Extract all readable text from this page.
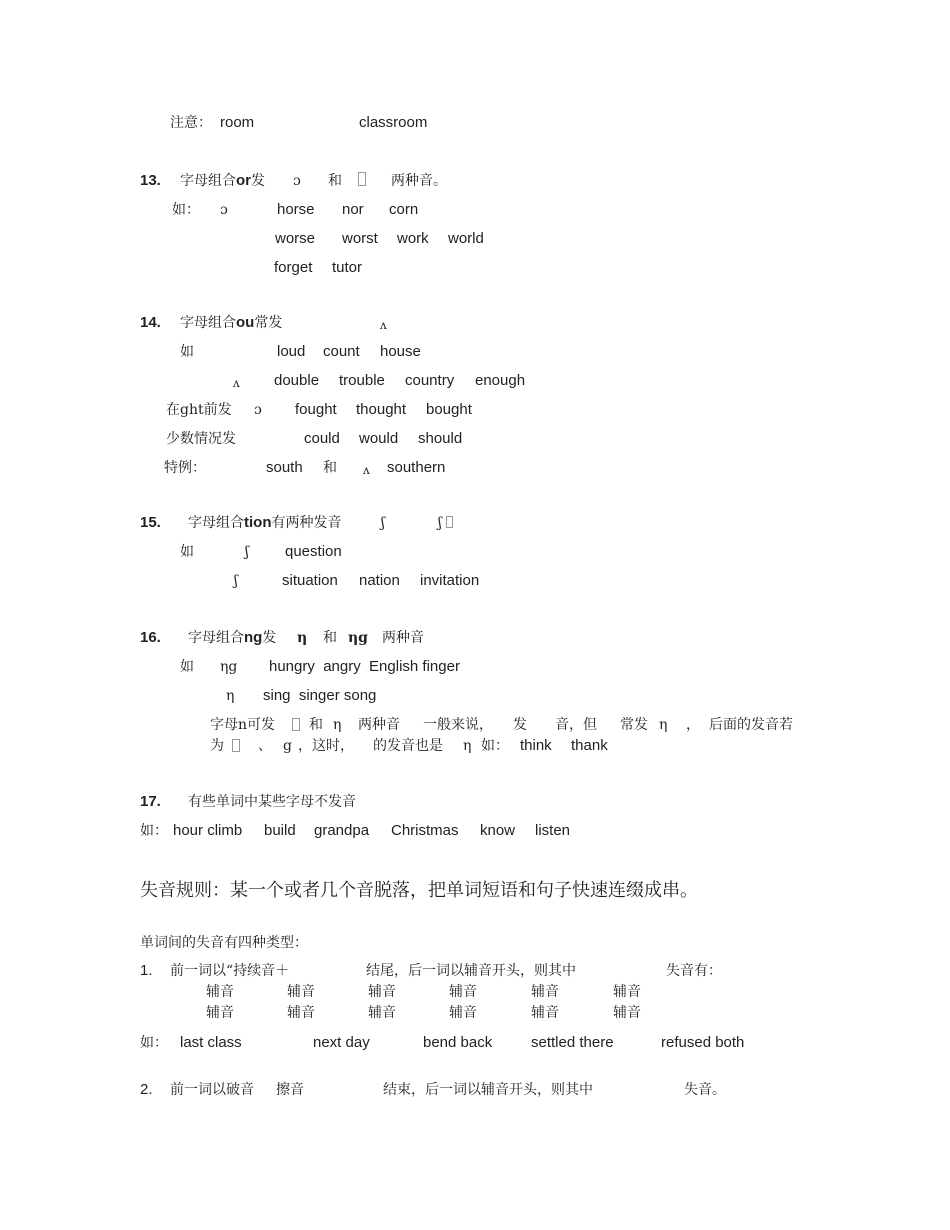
注意： room	classroom
13. 字母组合or发 ɔ 和	两种音。
如： ɔ	horse nor corn
worse worst work world
forget tutor
14. 字母组合ou常发	ʌ
如	loud count house
ʌ double trouble country enough
在ght前发 ɔ fought thought bought
少数情况发	could would should
特例：	south 和 ʌ southern
15. 字母组合tion有两种发音	ʃ	ʃ
如	ʃ question
ʃ	situation nation invitation
16. 字母组合ng发 η 和 ηg 两种音
如 ηg hungry  angry  English finger
η sing  singer song
字母n可发 和 η 两种音 一般来说， 发 音，但 常发 η ， 后面的发音若
为 、 g ，这时， 的发音也是 η 如： think thank
17. 有些单词中某些字母不发音
如： hour climb build grandpa Christmas know listen
失音规则：某一个或者几个音脱落，把单词短语和句子快速连缀成串。
单词间的失音有四种类型：
1. 前一词以“持续音＋	结尾，后一词以辅音开头，则其中	失音有：
辅音	辅音	辅音	辅音	辅音	辅音
辅音	辅音	辅音	辅音	辅音	辅音
如： last class	next day	bend back	settled there	refused both
2. 前一词以破音 擦音	结束，后一词以辅音开头，则其中	失音。
